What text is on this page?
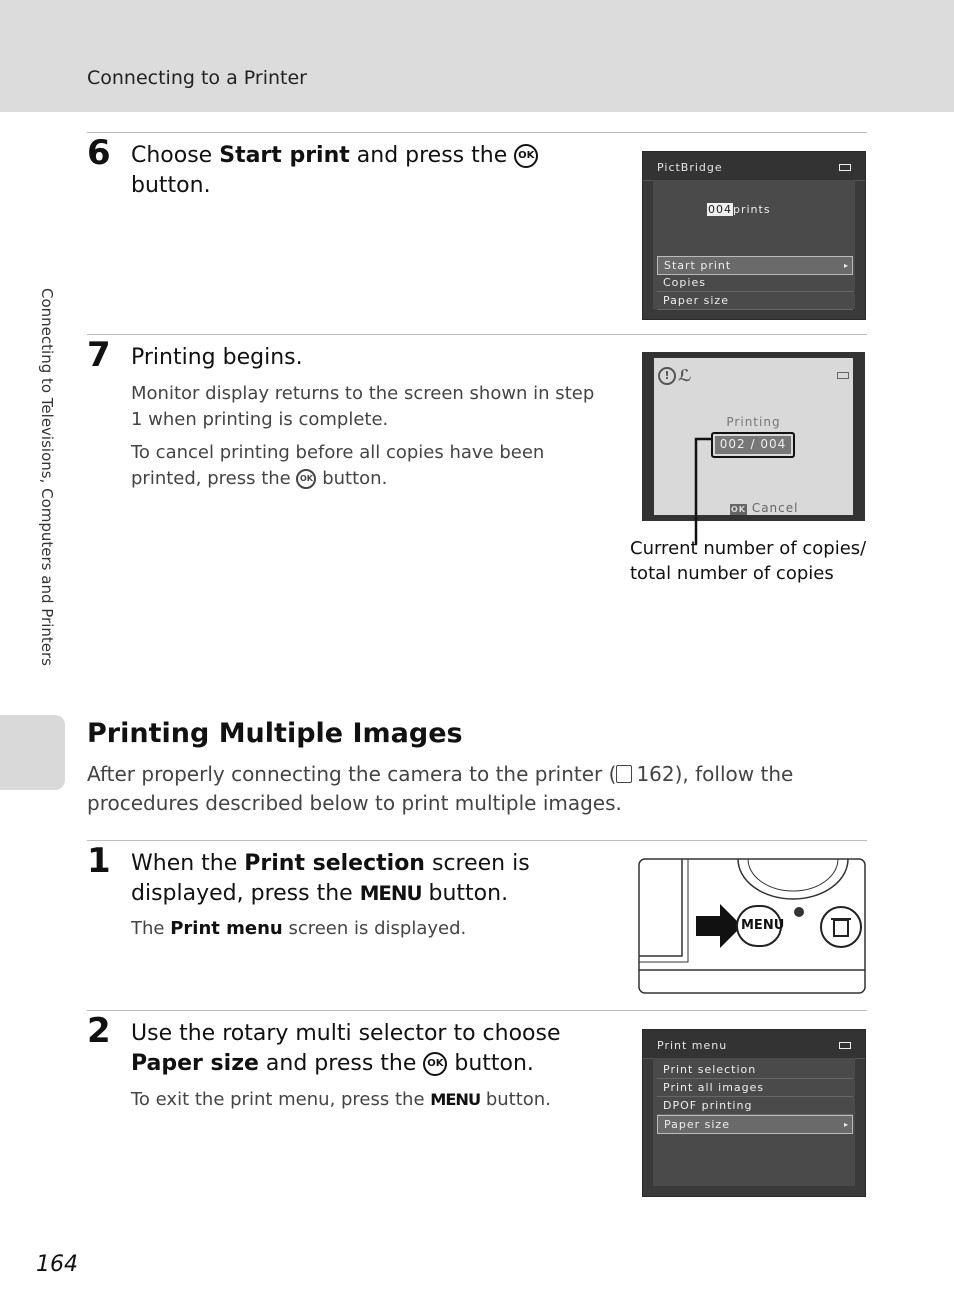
Connecting to a Printer
Connecting to Televisions, Computers and Printers
6 Choose Start print and press the OK button.
PictBridge
004prints
Start print ▸
Copies
Paper size
7 Printing begins.
Monitor display returns to the screen shown in step 1 when printing is complete.
To cancel printing before all copies have been printed, press the OK button.
! ℒ
Printing
002 / 004
OK Cancel
Current number of copies/
total number of copies
Printing Multiple Images
After properly connecting the camera to the printer ( 162), follow the procedures described below to print multiple images.
1 When the Print selection screen is displayed, press the MENU button.
The Print menu screen is displayed.	MENU
2 Use the rotary multi selector to choose Paper size and press the OK button.
To exit the print menu, press the MENU button.
Print menu
Print selection
Print all images
DPOF printing
Paper size ▸
164
